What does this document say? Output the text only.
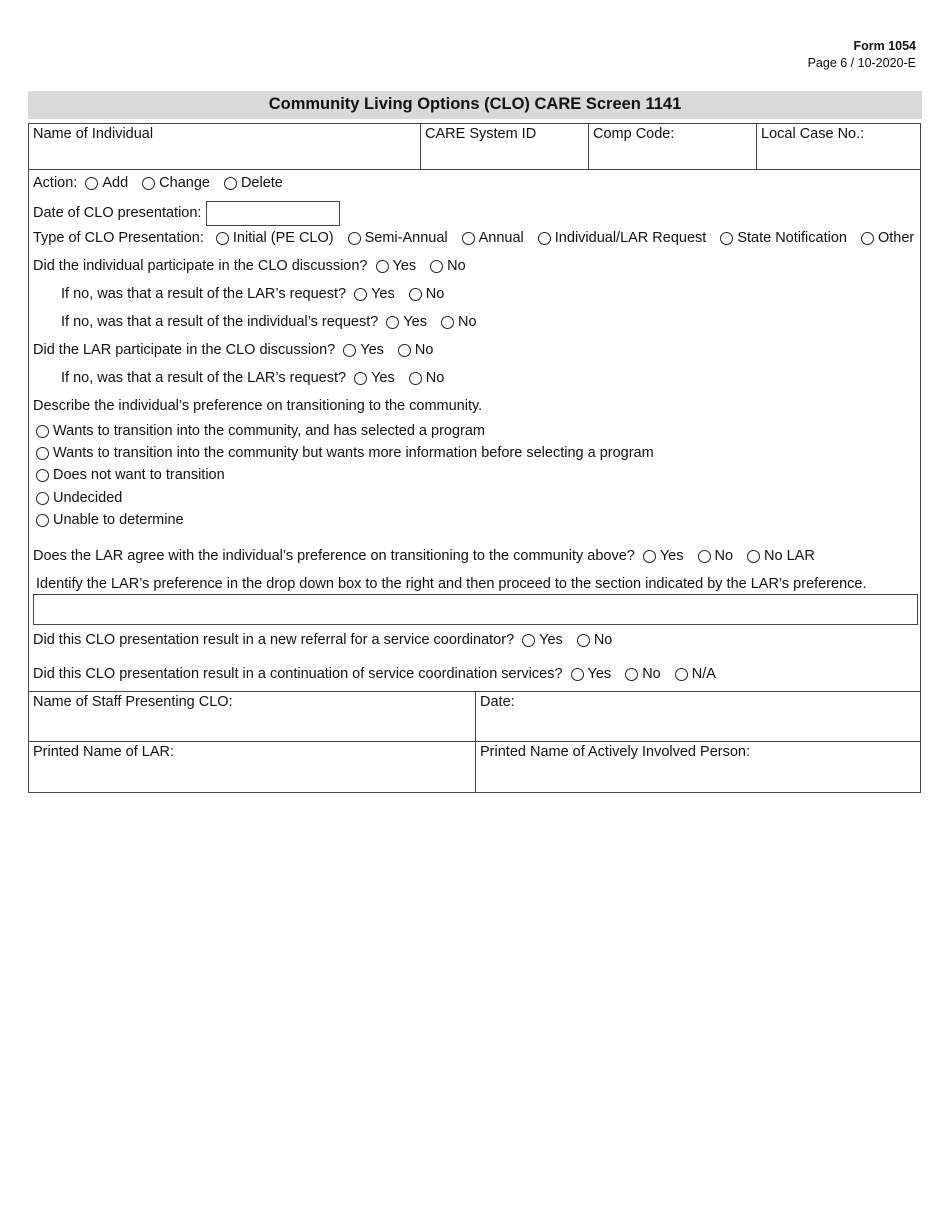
Form 1054
Page 6 / 10-2020-E
Community Living Options (CLO) CARE Screen 1141
Name of Individual	CARE System ID	Comp Code:	Local Case No.:
Action: Add Change Delete
Date of CLO presentation:
Type of CLO Presentation: Initial (PE CLO) Semi-Annual Annual Individual/LAR Request State Notification Other
Did the individual participate in the CLO discussion? Yes No
If no, was that a result of the LAR’s request? Yes No
If no, was that a result of the individual’s request? Yes No
Did the LAR participate in the CLO discussion? Yes No
If no, was that a result of the LAR’s request? Yes No
Describe the individual’s preference on transitioning to the community.
Wants to transition into the community, and has selected a program
Wants to transition into the community but wants more information before selecting a program
Does not want to transition
Undecided
Unable to determine
Does the LAR agree with the individual’s preference on transitioning to the community above? Yes No No LAR
Identify the LAR’s preference in the drop down box to the right and then proceed to the section indicated by the LAR’s preference.
Did this CLO presentation result in a new referral for a service coordinator? Yes No
Did this CLO presentation result in a continuation of service coordination services? Yes No N/A
Name of Staff Presenting CLO:	Date:
Printed Name of LAR:	Printed Name of Actively Involved Person:
